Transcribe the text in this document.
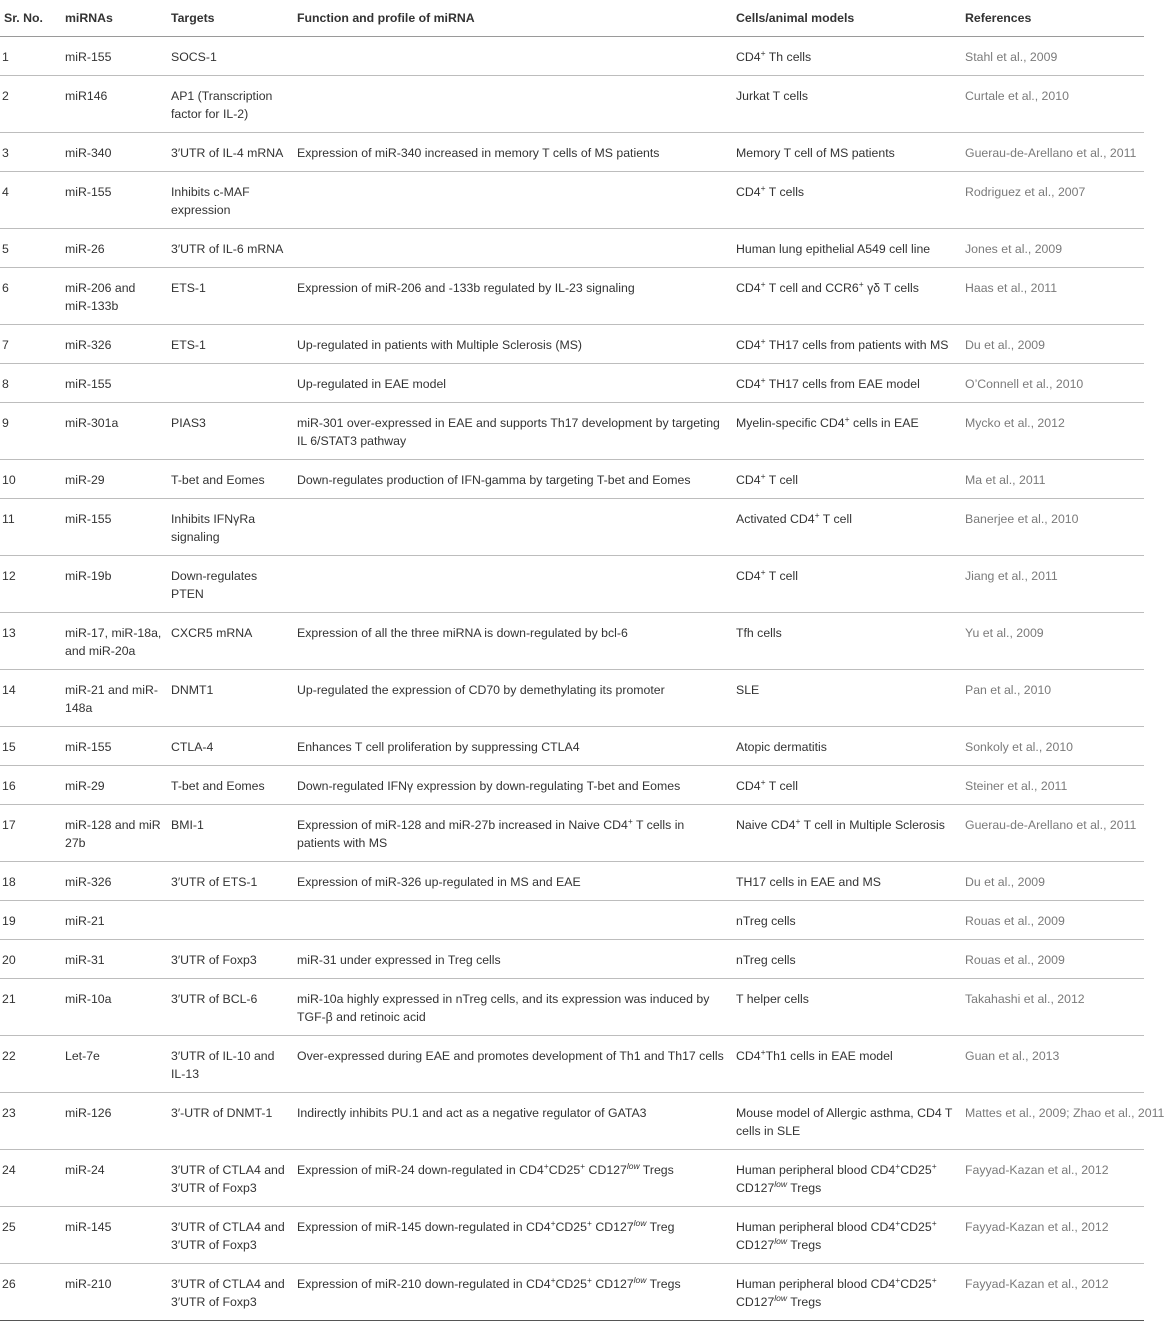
Sr. No.	miRNAs	Targets	Function and profile of miRNA	Cells/animal models	References
1	miR-155	SOCS-1		CD4+ Th cells	Stahl et al., 2009
2	miR146	AP1 (Transcription factor for IL-2)		Jurkat T cells	Curtale et al., 2010
3	miR-340	3′UTR of IL-4 mRNA	Expression of miR-340 increased in memory T cells of MS patients	Memory T cell of MS patients	Guerau-de-Arellano et al., 2011
4	miR-155	Inhibits c-MAF expression		CD4+ T cells	Rodriguez et al., 2007
5	miR-26	3′UTR of IL-6 mRNA		Human lung epithelial A549 cell line	Jones et al., 2009
6	miR-206 and miR-133b	ETS-1	Expression of miR-206 and -133b regulated by IL-23 signaling	CD4+ T cell and CCR6+ γδ T cells	Haas et al., 2011
7	miR-326	ETS-1	Up-regulated in patients with Multiple Sclerosis (MS)	CD4+ TH17 cells from patients with MS	Du et al., 2009
8	miR-155		Up-regulated in EAE model	CD4+ TH17 cells from EAE model	O’Connell et al., 2010
9	miR-301a	PIAS3	miR-301 over-expressed in EAE and supports Th17 development by targeting IL 6/STAT3 pathway	Myelin-specific CD4+ cells in EAE	Mycko et al., 2012
10	miR-29	T-bet and Eomes	Down-regulates production of IFN-gamma by targeting T-bet and Eomes	CD4+ T cell	Ma et al., 2011
11	miR-155	Inhibits IFNγRa signaling		Activated CD4+ T cell	Banerjee et al., 2010
12	miR-19b	Down-regulates PTEN		CD4+ T cell	Jiang et al., 2011
13	miR-17, miR-18a, and miR-20a	CXCR5 mRNA	Expression of all the three miRNA is down-regulated by bcl-6	Tfh cells	Yu et al., 2009
14	miR-21 and miR-148a	DNMT1	Up-regulated the expression of CD70 by demethylating its promoter	SLE	Pan et al., 2010
15	miR-155	CTLA-4	Enhances T cell proliferation by suppressing CTLA4	Atopic dermatitis	Sonkoly et al., 2010
16	miR-29	T-bet and Eomes	Down-regulated IFNγ expression by down-regulating T-bet and Eomes	CD4+ T cell	Steiner et al., 2011
17	miR-128 and miR 27b	BMI-1	Expression of miR-128 and miR-27b increased in Naive CD4+ T cells in patients with MS	Naive CD4+ T cell in Multiple Sclerosis	Guerau-de-Arellano et al., 2011
18	miR-326	3′UTR of ETS-1	Expression of miR-326 up-regulated in MS and EAE	TH17 cells in EAE and MS	Du et al., 2009
19	miR-21			nTreg cells	Rouas et al., 2009
20	miR-31	3′UTR of Foxp3	miR-31 under expressed in Treg cells	nTreg cells	Rouas et al., 2009
21	miR-10a	3′UTR of BCL-6	miR-10a highly expressed in nTreg cells, and its expression was induced by TGF-β and retinoic acid	T helper cells	Takahashi et al., 2012
22	Let-7e	3′UTR of IL-10 and IL-13	Over-expressed during EAE and promotes development of Th1 and Th17 cells	CD4+Th1 cells in EAE model	Guan et al., 2013
23	miR-126	3′-UTR of DNMT-1	Indirectly inhibits PU.1 and act as a negative regulator of GATA3	Mouse model of Allergic asthma, CD4 T cells in SLE	Mattes et al., 2009; Zhao et al., 2011
24	miR-24	3′UTR of CTLA4 and 3′UTR of Foxp3	Expression of miR-24 down-regulated in CD4+CD25+ $CD127^{low}$ Tregs	Human peripheral blood CD4+CD25+ $CD127^{low}$ Tregs	Fayyad-Kazan et al., 2012
25	miR-145	3′UTR of CTLA4 and 3′UTR of Foxp3	Expression of miR-145 down-regulated in CD4+CD25+ $CD127^{low}$ Treg	Human peripheral blood CD4+CD25+ $CD127^{low}$ Tregs	Fayyad-Kazan et al., 2012
26	miR-210	3′UTR of CTLA4 and 3′UTR of Foxp3	Expression of miR-210 down-regulated in CD4+CD25+ $CD127^{low}$ Tregs	Human peripheral blood CD4+CD25+ $CD127^{low}$ Tregs	Fayyad-Kazan et al., 2012
